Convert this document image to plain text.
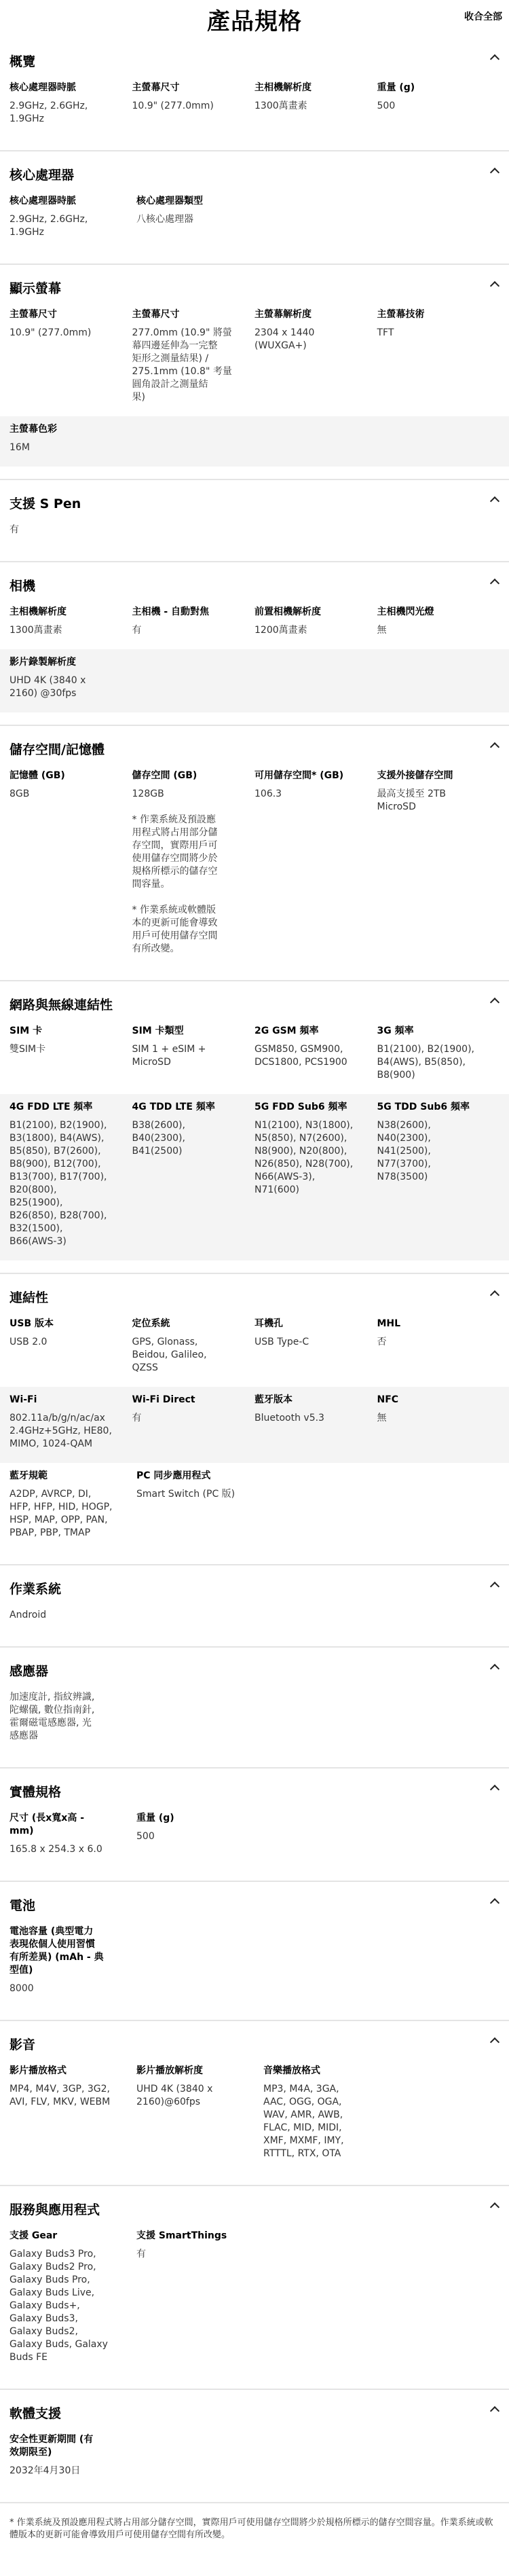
產品規格	收合全部
概覽
核心處理器時脈
2.9GHz, 2.6GHz,
1.9GHz
主螢幕尺寸
10.9" (277.0mm)
主相機解析度
1300萬畫素
重量 (g)
500
核心處理器
核心處理器時脈
2.9GHz, 2.6GHz,
1.9GHz
核心處理器類型
八核心處理器
顯示螢幕
主螢幕尺寸
10.9" (277.0mm)
主螢幕尺寸
277.0mm (10.9" 將螢
幕四邊延伸為一完整
矩形之測量結果) /
275.1mm (10.8" 考量
圓角設計之測量結
果)
主螢幕解析度
2304 x 1440
(WUXGA+)
主螢幕技術
TFT
主螢幕色彩
16M
支援 S Pen
有
相機
主相機解析度
1300萬畫素
主相機 - 自動對焦
有
前置相機解析度
1200萬畫素
主相機閃光燈
無
影片錄製解析度
UHD 4K (3840 x
2160) @30fps
儲存空間/記憶體
記憶體 (GB)
8GB
儲存空間 (GB)
128GB

* 作業系統及預設應
用程式將占用部分儲
存空間，實際用戶可
使用儲存空間將少於
規格所標示的儲存空
間容量。

* 作業系統或軟體版
本的更新可能會導致
用戶可使用儲存空間
有所改變。
可用儲存空間* (GB)
106.3
支援外接儲存空間
最高支援至 2TB
MicroSD
網路與無線連結性
SIM 卡
雙SIM卡
SIM 卡類型
SIM 1 + eSIM +
MicroSD
2G GSM 頻率
GSM850, GSM900,
DCS1800, PCS1900
3G 頻率
B1(2100), B2(1900),
B4(AWS), B5(850),
B8(900)
4G FDD LTE 頻率
B1(2100), B2(1900),
B3(1800), B4(AWS),
B5(850), B7(2600),
B8(900), B12(700),
B13(700), B17(700),
B20(800),
B25(1900),
B26(850), B28(700),
B32(1500),
B66(AWS-3)
4G TDD LTE 頻率
B38(2600),
B40(2300),
B41(2500)
5G FDD Sub6 頻率
N1(2100), N3(1800),
N5(850), N7(2600),
N8(900), N20(800),
N26(850), N28(700),
N66(AWS-3),
N71(600)
5G TDD Sub6 頻率
N38(2600),
N40(2300),
N41(2500),
N77(3700),
N78(3500)
連結性
USB 版本
USB 2.0
定位系統
GPS, Glonass,
Beidou, Galileo,
QZSS
耳機孔
USB Type-C
MHL
否
Wi-Fi
802.11a/b/g/n/ac/ax
2.4GHz+5GHz, HE80,
MIMO, 1024-QAM
Wi-Fi Direct
有
藍牙版本
Bluetooth v5.3
NFC
無
藍牙規範
A2DP, AVRCP, DI,
HFP, HFP, HID, HOGP,
HSP, MAP, OPP, PAN,
PBAP, PBP, TMAP
PC 同步應用程式
Smart Switch (PC 版)
作業系統
Android
感應器
加速度計, 指紋辨識,
陀螺儀, 數位指南針,
霍爾磁電感應器, 光
感應器
實體規格
尺寸 (長x寬x高 -
mm)
165.8 x 254.3 x 6.0
重量 (g)
500
電池
電池容量 (典型電力
表現依個人使用習慣
有所差異) (mAh - 典
型值)
8000
影音
影片播放格式
MP4, M4V, 3GP, 3G2,
AVI, FLV, MKV, WEBM
影片播放解析度
UHD 4K (3840 x
2160)@60fps
音樂播放格式
MP3, M4A, 3GA,
AAC, OGG, OGA,
WAV, AMR, AWB,
FLAC, MID, MIDI,
XMF, MXMF, IMY,
RTTTL, RTX, OTA
服務與應用程式
支援 Gear
Galaxy Buds3 Pro,
Galaxy Buds2 Pro,
Galaxy Buds Pro,
Galaxy Buds Live,
Galaxy Buds+,
Galaxy Buds3,
Galaxy Buds2,
Galaxy Buds, Galaxy
Buds FE
支援 SmartThings
有
軟體支援
安全性更新期間 (有
效期限至)
2032年4月30日
* 作業系統及預設應用程式將占用部分儲存空間，實際用戶可使用儲存空間將少於規格所標示的儲存空間容量。作業系統或軟體版本的更新可能會導致用戶可使用儲存空間有所改變。
